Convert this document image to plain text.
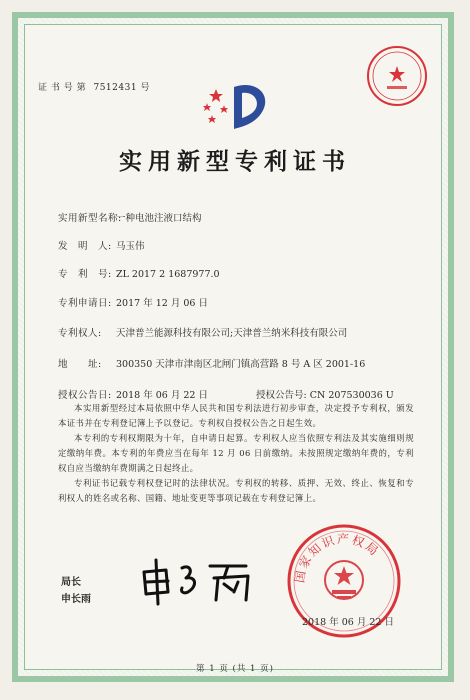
证 书 号 第 7512431 号
实用新型专利证书
实用新型名称:一种电池注液口结构
发　明　人: 马玉伟
专　利　号: ZL 2017 2 1687977.0
专利申请日: 2017 年 12 月 06 日
专利权人: 天津普兰能源科技有限公司;天津普兰纳米科技有限公司
地　　址: 300350 天津市津南区北闸门镇高营路 8 号 A 区 2001-16
授权公告日: 2018 年 06 月 22 日	授权公告号: CN 207530036 U

本实用新型经过本局依照中华人民共和国专利法进行初步审查，决定授予专利权，颁发本证书并在专利登记簿上予以登记。专利权自授权公告之日起生效。

本专利的专利权期限为十年，自申请日起算。专利权人应当依照专利法及其实施细则规定缴纳年费。本专利的年费应当在每年 12 月 06 日前缴纳。未按照规定缴纳年费的，专利权自应当缴纳年费期满之日起终止。

专利证书记载专利权登记时的法律状况。专利权的转移、质押、无效、终止、恢复和专利权人的姓名或名称、国籍、地址变更等事项记载在专利登记簿上。

局长
申长雨
国家知识产权局
2018 年 06 月 22 日
第 1 页 (共 1 页)
